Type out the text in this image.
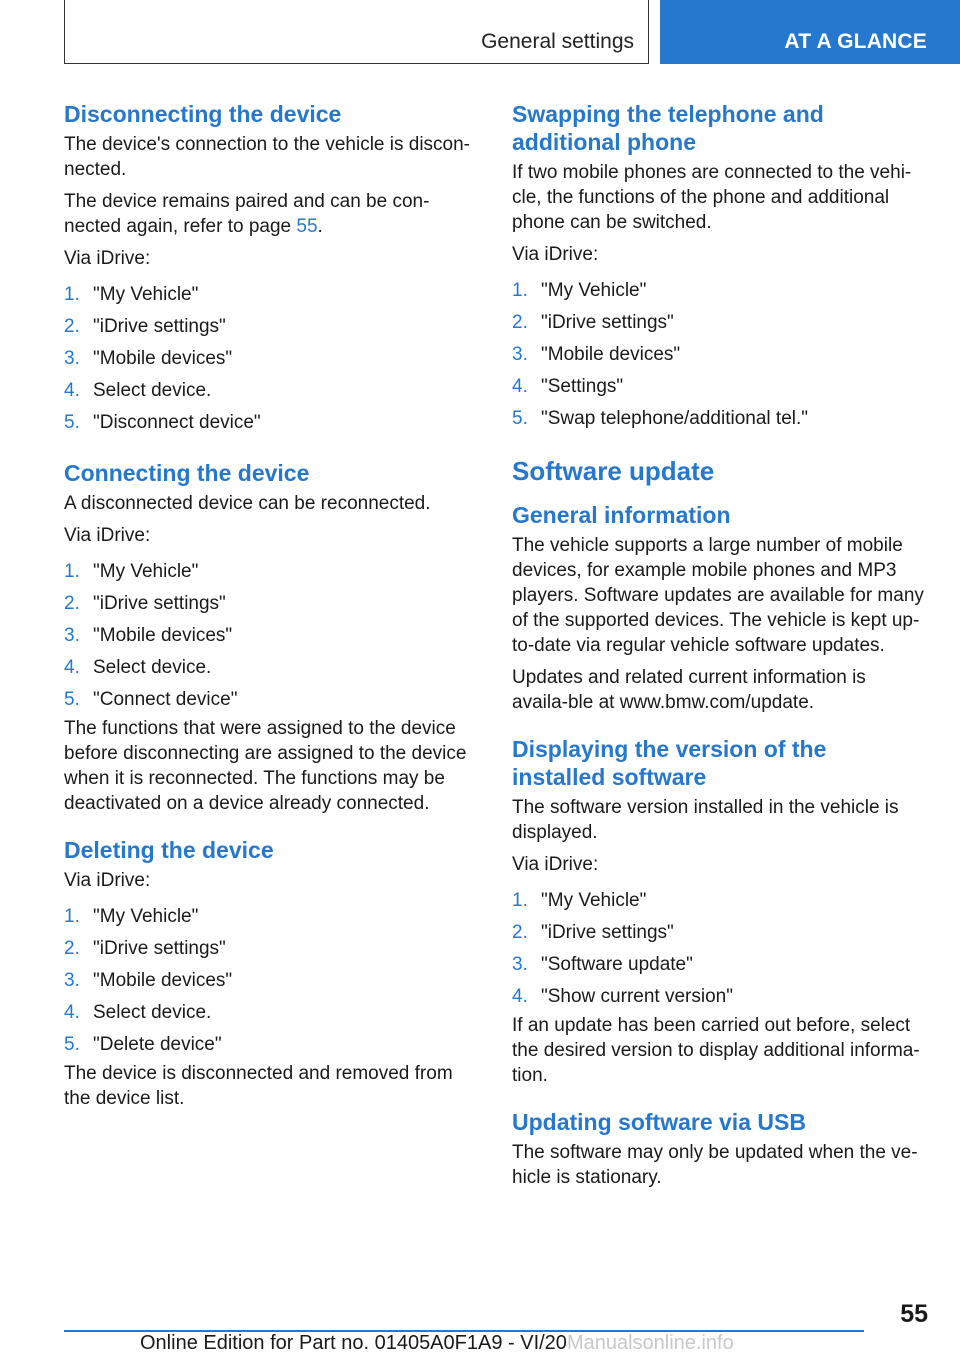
General settings	AT A GLANCE
Disconnecting the device

The device's connection to the vehicle is discon-nected.

The device remains paired and can be con-nected again, refer to page 55.

Via iDrive:

1. "My Vehicle"
2. "iDrive settings"
3. "Mobile devices"
4. Select device.
5. "Disconnect device"
Connecting the device

A disconnected device can be reconnected.

Via iDrive:

1. "My Vehicle"
2. "iDrive settings"
3. "Mobile devices"
4. Select device.
5. "Connect device"

The functions that were assigned to the device before disconnecting are assigned to the device when it is reconnected. The functions may be deactivated on a device already connected.

Deleting the device

Via iDrive:

1. "My Vehicle"
2. "iDrive settings"
3. "Mobile devices"
4. Select device.
5. "Delete device"

The device is disconnected and removed from the device list.

Swapping the telephone and additional phone

If two mobile phones are connected to the vehi-cle, the functions of the phone and additional phone can be switched.

Via iDrive:

1. "My Vehicle"
2. "iDrive settings"
3. "Mobile devices"
4. "Settings"
5. "Swap telephone/additional tel."
Software update
General information

The vehicle supports a large number of mobile devices, for example mobile phones and MP3 players. Software updates are available for many of the supported devices. The vehicle is kept up-to-date via regular vehicle software updates.

Updates and related current information is availa-ble at www.bmw.com/update.

Displaying the version of the installed software

The software version installed in the vehicle is displayed.

Via iDrive:

1. "My Vehicle"
2. "iDrive settings"
3. "Software update"
4. "Show current version"

If an update has been carried out before, select the desired version to display additional informa-tion.

Updating software via USB

The software may only be updated when the ve-hicle is stationary.

55
Online Edition for Part no. 01405A0F1A9 - VI/20Manualsonline.info
